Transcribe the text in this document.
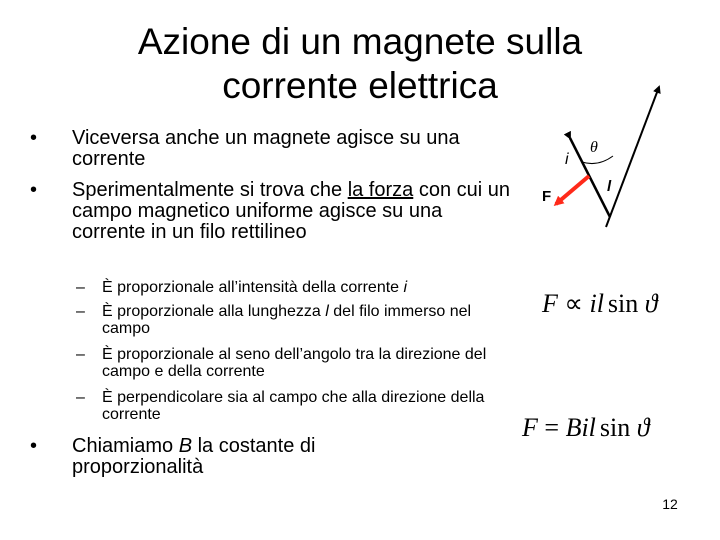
Azione di un magnete sulla
corrente elettrica
•	Viceversa anche un magnete agisce su una corrente
•	Sperimentalmente si trova che la forza con cui un campo magnetico uniforme agisce su una corrente in un filo rettilineo
–	È proporzionale all’intensità della corrente i
–	È proporzionale alla lunghezza l del filo immerso nel campo
–	È proporzionale al seno dell’angolo tra la direzione del campo e della corrente
–	È perpendicolare sia al campo che alla direzione della corrente
•	Chiamiamo B la costante di proporzionalità
i
F
l
θ
F ∝ il sin ϑ
F = Bil sin ϑ
12
